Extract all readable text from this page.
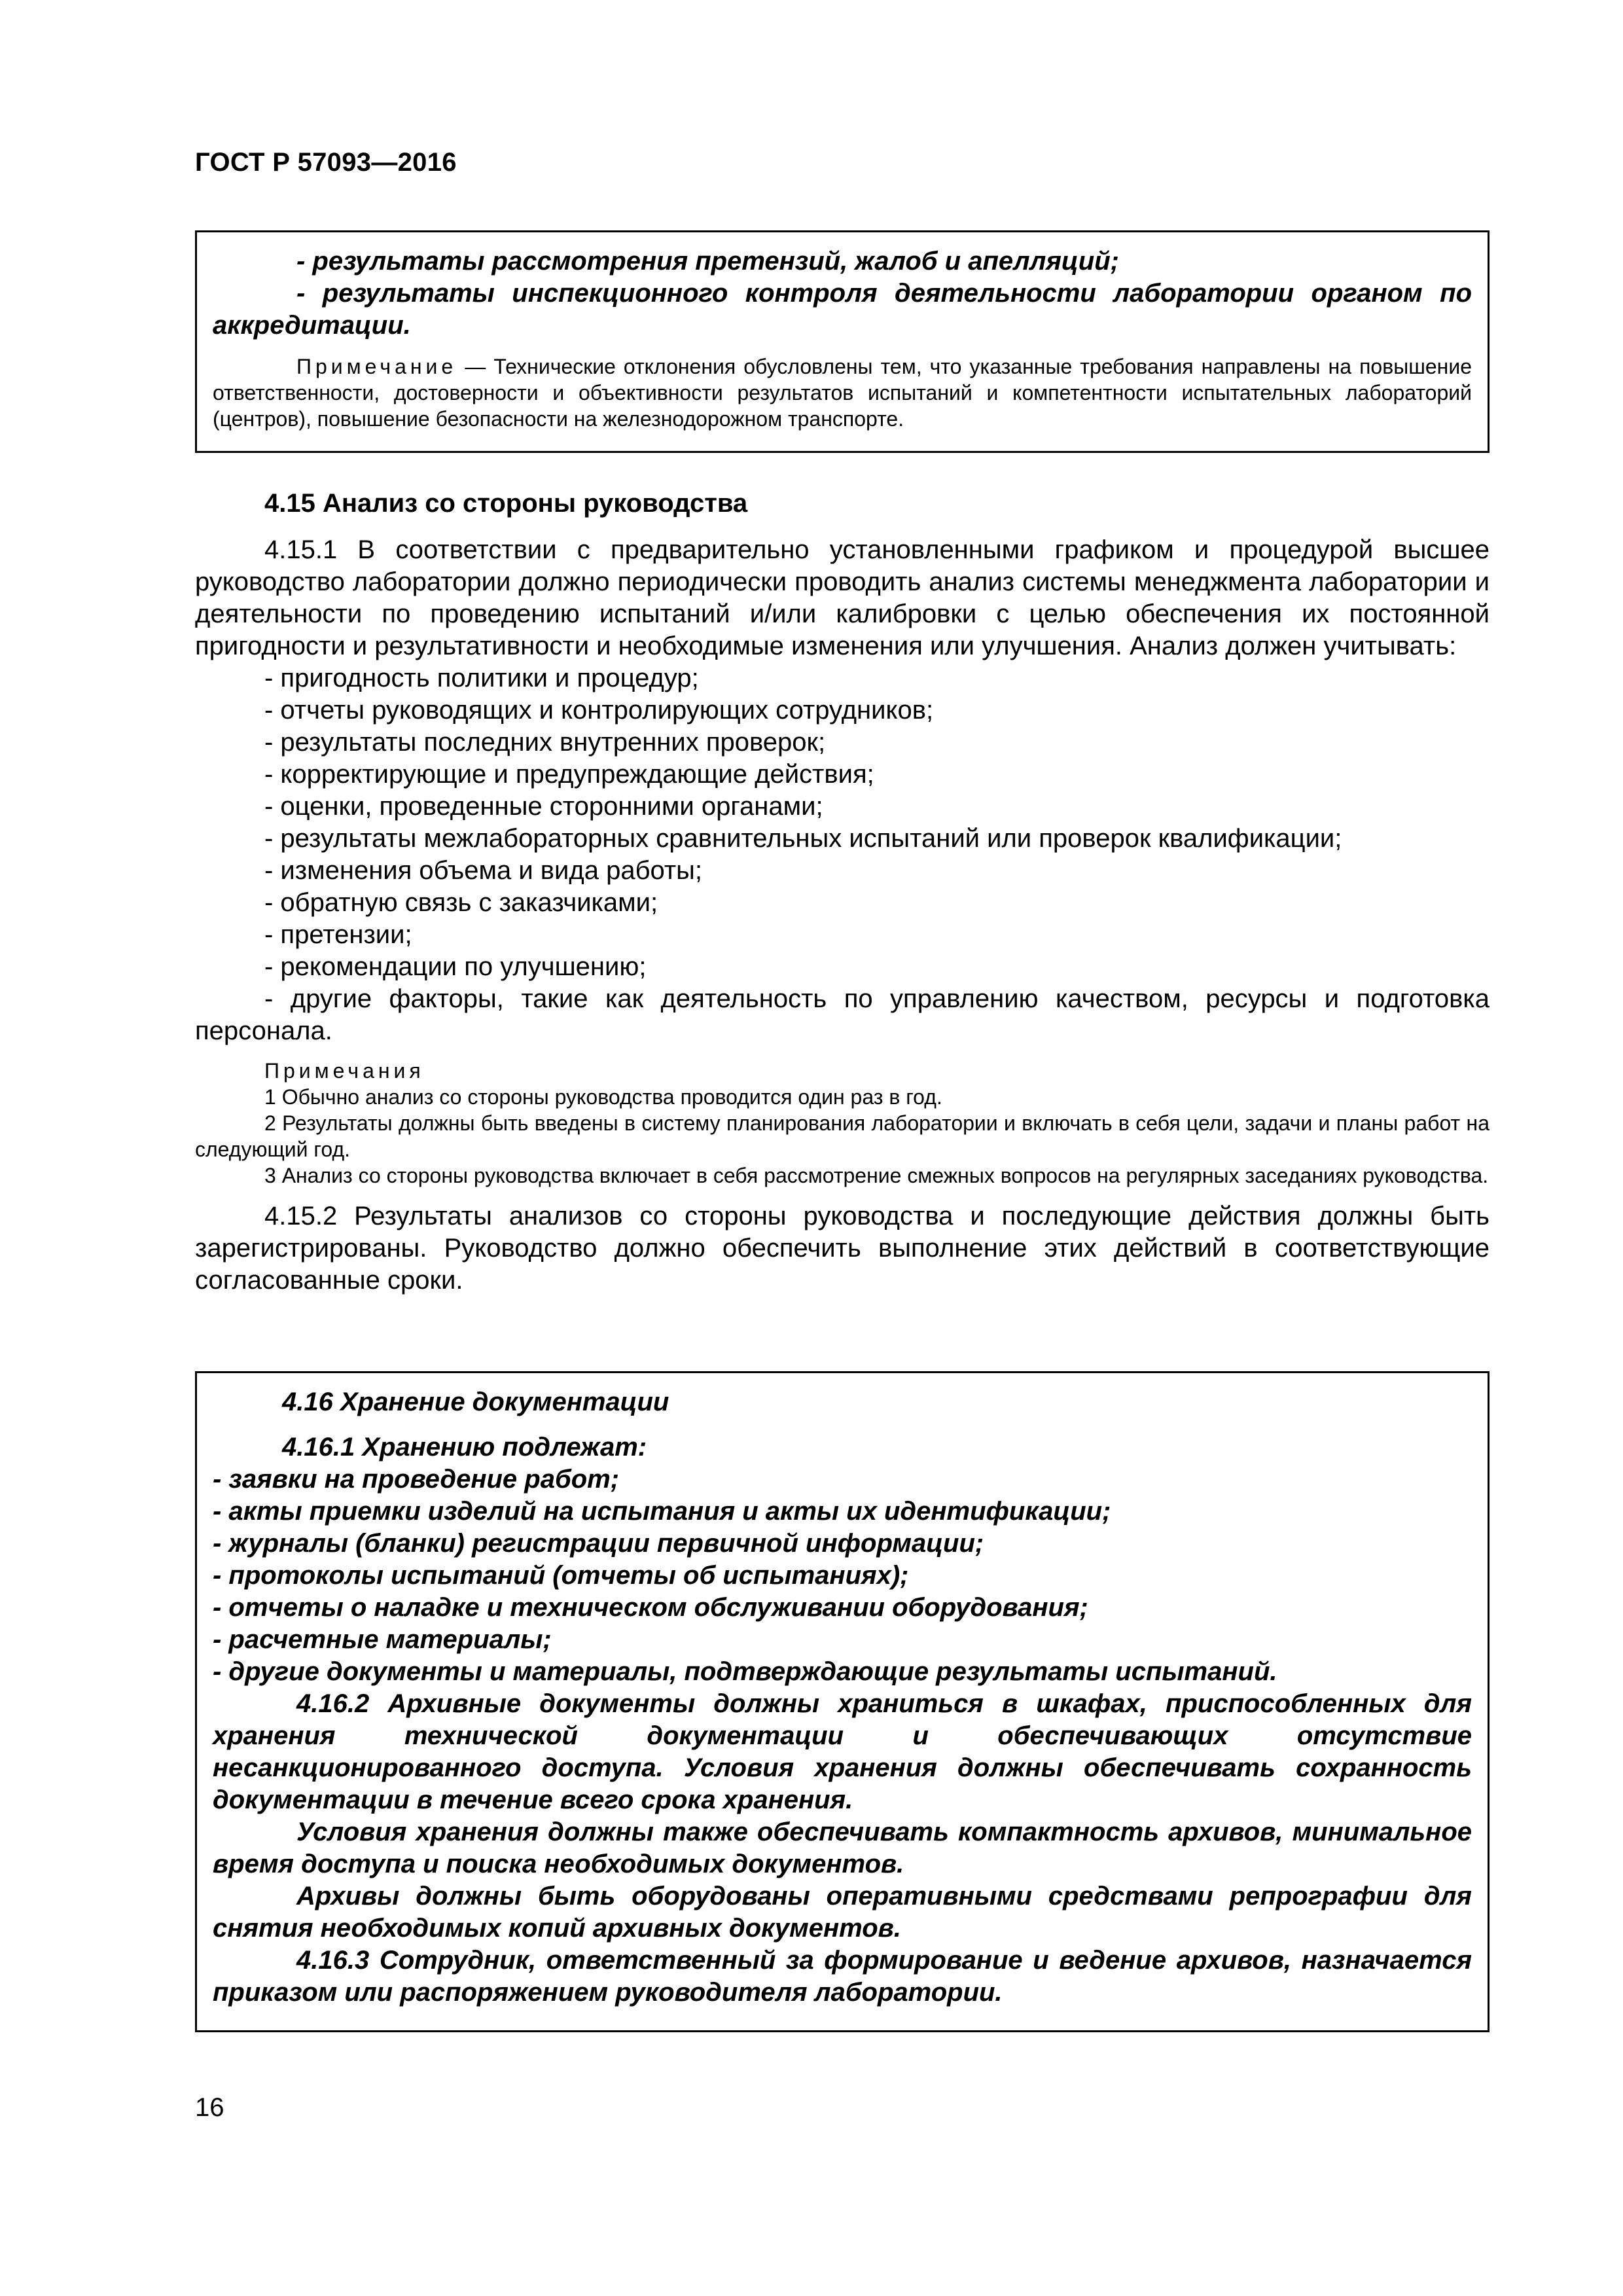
ГОСТ Р 57093—2016

- результаты рассмотрения претензий, жалоб и апелляций;

- результаты инспекционного контроля деятельности лаборатории органом по аккредитации.

Примечание — Технические отклонения обусловлены тем, что указанные требования направлены на повышение ответственности, достоверности и объективности результатов испытаний и компетентности испытательных лабораторий (центров), повышение безопасности на железнодорожном транспорте.

4.15 Анализ со стороны руководства

4.15.1 В соответствии с предварительно установленными графиком и процедурой высшее руководство лаборатории должно периодически проводить анализ системы менеджмента лаборатории и деятельности по проведению испытаний и/или калибровки с целью обеспечения их постоянной пригодности и результативности и необходимые изменения или улучшения. Анализ должен учитывать:

- пригодность политики и процедур;

- отчеты руководящих и контролирующих сотрудников;

- результаты последних внутренних проверок;

- корректирующие и предупреждающие действия;

- оценки, проведенные сторонними органами;

- результаты межлабораторных сравнительных испытаний или проверок квалификации;

- изменения объема и вида работы;

- обратную связь с заказчиками;

- претензии;

- рекомендации по улучшению;

- другие факторы, такие как деятельность по управлению качеством, ресурсы и подготовка персонала.

Примечания

1 Обычно анализ со стороны руководства проводится один раз в год.

2 Результаты должны быть введены в систему планирования лаборатории и включать в себя цели, задачи и планы работ на следующий год.

3 Анализ со стороны руководства включает в себя рассмотрение смежных вопросов на регулярных заседаниях руководства.

4.15.2 Результаты анализов со стороны руководства и последующие действия должны быть зарегистрированы. Руководство должно обеспечить выполнение этих действий в соответствующие согласованные сроки.

4.16 Хранение документации

4.16.1 Хранению подлежат:

- заявки на проведение работ;

- акты приемки изделий на испытания и акты их идентификации;

- журналы (бланки) регистрации первичной информации;

- протоколы испытаний (отчеты об испытаниях);

- отчеты о наладке и техническом обслуживании оборудования;

- расчетные материалы;

- другие документы и материалы, подтверждающие результаты испытаний.

4.16.2 Архивные документы должны храниться в шкафах, приспособленных для хранения технической документации и обеспечивающих отсутствие несанкционированного доступа. Условия хранения должны обеспечивать сохранность документации в течение всего срока хранения.

Условия хранения должны также обеспечивать компактность архивов, минимальное время доступа и поиска необходимых документов.

Архивы должны быть оборудованы оперативными средствами репрографии для снятия необходимых копий архивных документов.

4.16.3 Сотрудник, ответственный за формирование и ведение архивов, назначается приказом или распоряжением руководителя лаборатории.

16
